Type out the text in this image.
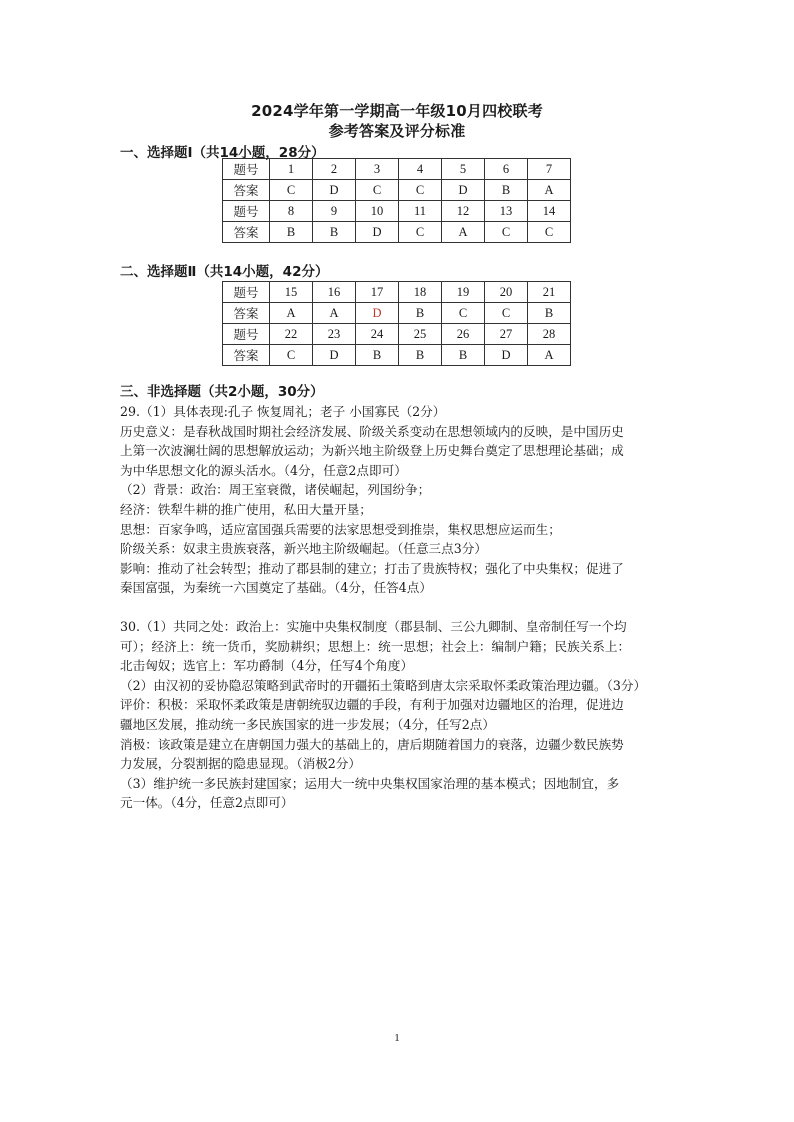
2024学年第一学期高一年级10月四校联考
参考答案及评分标准
一、选择题Ⅰ（共14小题，28分）
题号	1	2	3	4	5	6	7
答案	C	D	C	C	D	B	A
题号	8	9	10	11	12	13	14
答案	B	B	D	C	A	C	C
二、选择题Ⅱ（共14小题，42分）
题号	15	16	17	18	19	20	21
答案	A	A	D	B	C	C	B
题号	22	23	24	25	26	27	28
答案	C	D	B	B	B	D	A
三、非选择题（共2小题，30分）

29.（1）具体表现:孔子 恢复周礼；老子 小国寡民（2分）

历史意义：是春秋战国时期社会经济发展、阶级关系变动在思想领域内的反映，是中国历史

上第一次波澜壮阔的思想解放运动；为新兴地主阶级登上历史舞台奠定了思想理论基础；成

为中华思想文化的源头活水。（4分，任意2点即可）

（2）背景：政治：周王室衰微，诸侯崛起，列国纷争；

经济：铁犁牛耕的推广使用，私田大量开垦；

思想：百家争鸣，适应富国强兵需要的法家思想受到推崇，集权思想应运而生；

阶级关系：奴隶主贵族衰落，新兴地主阶级崛起。（任意三点3分）

影响：推动了社会转型；推动了郡县制的建立；打击了贵族特权；强化了中央集权；促进了

秦国富强，为秦统一六国奠定了基础。（4分，任答4点）

30.（1）共同之处：政治上：实施中央集权制度（郡县制、三公九卿制、皇帝制任写一个均

可）；经济上：统一货币，奖励耕织；思想上：统一思想；社会上：编制户籍；民族关系上：

北击匈奴；选官上：军功爵制（4分，任写4个角度）

（2）由汉初的妥协隐忍策略到武帝时的开疆拓土策略到唐太宗采取怀柔政策治理边疆。（3分）

评价：积极：采取怀柔政策是唐朝统驭边疆的手段，有利于加强对边疆地区的治理，促进边

疆地区发展，推动统一多民族国家的进一步发展；（4分，任写2点）

消极：该政策是建立在唐朝国力强大的基础上的，唐后期随着国力的衰落，边疆少数民族势

力发展，分裂割据的隐患显现。（消极2分）

（3）维护统一多民族封建国家；运用大一统中央集权国家治理的基本模式；因地制宜，多

元一体。（4分，任意2点即可）

1
